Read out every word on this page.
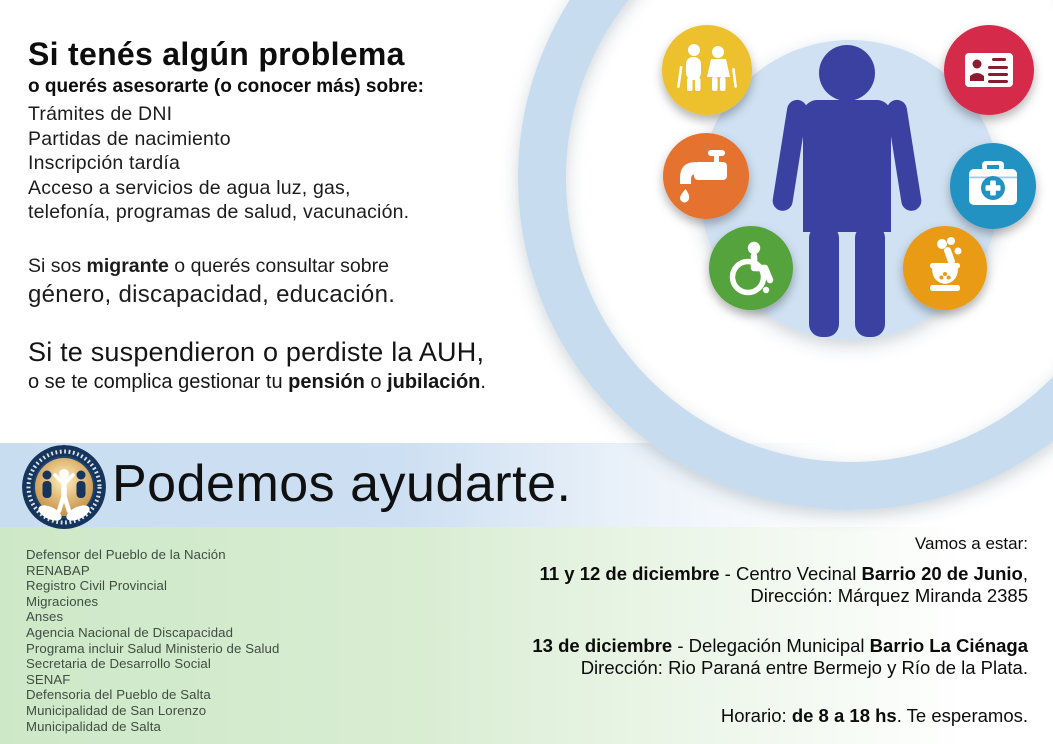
Si tenés algún problema
o querés asesorarte (o conocer más) sobre:
Trámites de DNI
Partidas de nacimiento
Inscripción tardía
Acceso a servicios de agua luz, gas,
telefonía, programas de salud, vacunación.
Si sos migrante o querés consultar sobre
género, discapacidad, educación.
Si te suspendieron o perdiste la AUH,
o se te complica gestionar tu pensión o jubilación.
Podemos ayudarte.
Defensor del Pueblo de la Nación
RENABAP
Registro Civil Provincial
Migraciones
Anses
Agencia Nacional de Discapacidad
Programa incluir Salud Ministerio de Salud
Secretaria de Desarrollo Social
SENAF
Defensoria del Pueblo de Salta
Municipalidad de San Lorenzo
Municipalidad de Salta
Vamos a estar:
11 y 12 de diciembre - Centro Vecinal Barrio 20 de Junio,
Dirección: Márquez Miranda 2385
13 de diciembre - Delegación Municipal Barrio La Ciénaga
Dirección: Rio Paraná entre Bermejo y Río de la Plata.
Horario: de 8 a 18 hs. Te esperamos.
